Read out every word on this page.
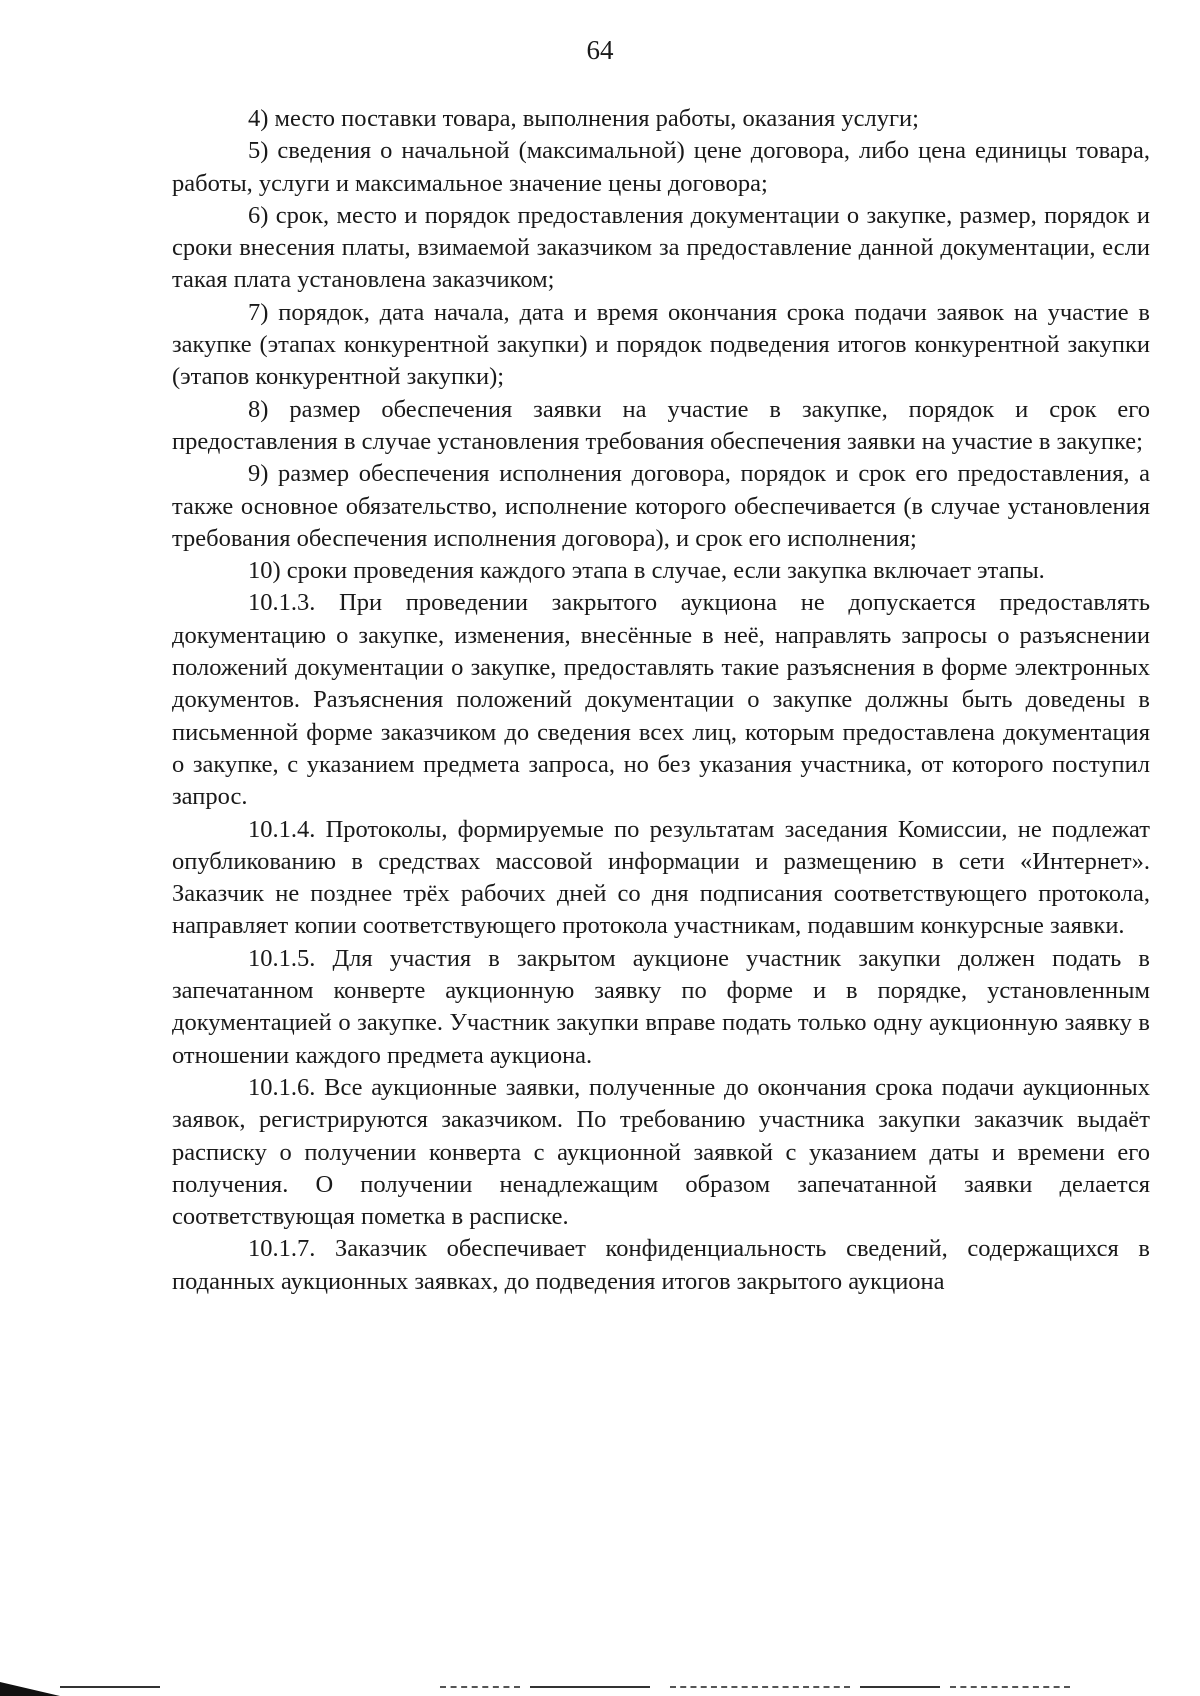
64

4) место поставки товара, выполнения работы, оказания услуги;

5) сведения о начальной (максимальной) цене договора, либо цена единицы товара, работы, услуги и максимальное значение цены договора;

6) срок, место и порядок предоставления документации о закупке, размер, порядок и сроки внесения платы, взимаемой заказчиком за предоставление данной документации, если такая плата установлена заказчиком;

7) порядок, дата начала, дата и время окончания срока подачи заявок на участие в закупке (этапах конкурентной закупки) и порядок подведения итогов конкурентной закупки (этапов конкурентной закупки);

8) размер обеспечения заявки на участие в закупке, порядок и срок его предоставления в случае установления требования обеспечения заявки на участие в закупке;

9) размер обеспечения исполнения договора, порядок и срок его предоставления, а также основное обязательство, исполнение которого обеспечивается (в случае установления требования обеспечения исполнения договора), и срок его исполнения;

10) сроки проведения каждого этапа в случае, если закупка включает этапы.

10.1.3. При проведении закрытого аукциона не допускается предоставлять документацию о закупке, изменения, внесённые в неё, направлять запросы о разъяснении положений документации о закупке, предоставлять такие разъяснения в форме электронных документов. Разъяснения положений документации о закупке должны быть доведены в письменной форме заказчиком до сведения всех лиц, которым предоставлена документация о закупке, с указанием предмета запроса, но без указания участника, от которого поступил запрос.

10.1.4. Протоколы, формируемые по результатам заседания Комиссии, не подлежат опубликованию в средствах массовой информации и размещению в сети «Интернет». Заказчик не позднее трёх рабочих дней со дня подписания соответствующего протокола, направляет копии соответствующего протокола участникам, подавшим конкурсные заявки.

10.1.5. Для участия в закрытом аукционе участник закупки должен подать в запечатанном конверте аукционную заявку по форме и в порядке, установленным документацией о закупке. Участник закупки вправе подать только одну аукционную заявку в отношении каждого предмета аукциона.

10.1.6. Все аукционные заявки, полученные до окончания срока подачи аукционных заявок, регистрируются заказчиком. По требованию участника закупки заказчик выдаёт расписку о получении конверта с аукционной заявкой с указанием даты и времени его получения. О получении ненадлежащим образом запечатанной заявки делается соответствующая пометка в расписке.

10.1.7. Заказчик обеспечивает конфиденциальность сведений, содержащихся в поданных аукционных заявках, до подведения итогов закрытого аукциона
